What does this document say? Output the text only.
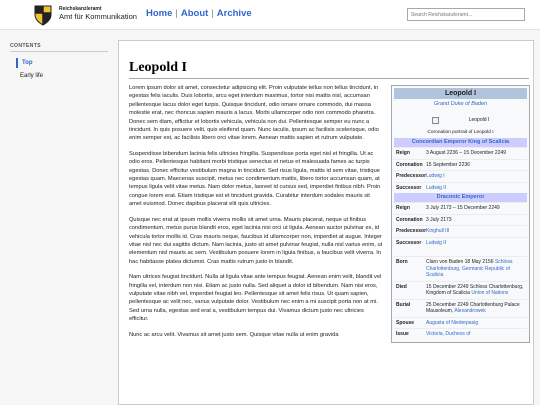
Reichskanzleramt
Amt für Kommunikation Home | About | Archive
Search Reichskanzleramt...
CONTENTS
Top
Early life
Leopold I

Lorem ipsum dolor sit amet, consectetur adipiscing elit. Proin vulputate tellus non tellus tincidunt, in egestas felis iaculis. Duis lobortis, arcu eget interdum maximus, tortor nisi mattis nisl, accumsan pellentesque lacus dolor eget turpis. Quisque tincidunt, odio omare ornare commodo, dui massa molestie erat, nec rhoncus sapien mauris a lacus. Morbi ullamcorper odio non commodo pharetra. Donec sem diam, efficitur et lobortis vehicula, vehicula non dui. Pellentesque semper eu nunc a tincidunt. In quis posuere velit, quis eleifend quam. Nunc iaculis, ipsum ac facilisis scelerisque, odio enim semper est, ac facilisis libero orci vitae lorem. Aenean mattis sapien et rutrum vulputate.

Suspendisse bibendum lacinia felis ultricies fringilla. Suspendisse porta eget nisl et fringilla. Ut ac odio eros. Pellentesque habitant morbi tristique senectus et netus et malesuada fames ac turpis egestas. Donec efficitur vestibulum magna in tincidunt. Sed risus ligula, mattis id sem vitae, tristique egestas quam. Maecenas suscipit, metus nec condimentum mattis, libero tortor accumsan quam, at tempus ligula velit vitae metus. Nam dolor metus, laoreet id cursus sed, imperdiet finibus nibh. Proin congue lorem erat. Etiam tristique est et tincidunt gravida. Curabitur interdum sodales mauris sit amet euismod. Donec dapibus placerat elit quis ultricies.

Quisque nec erat at ipsum mollis viverra mollis sit amet urna. Mauris placerat, neque ut finibus condimentum, metus purus blandit eros, eget lacinia nisi orci ut ligula. Aenean auctor pulvinar ex, id vehicula tortor mollis id. Cras mauris neque, faucibus id ullamcorper non, imperdiet at augue. Integer vitae nisl nec dui sagittis dictum. Nam lacinia, justo sit amet pulvinar feugiat, nulla nisl varius enim, ut elementum nisl mauris ac sem. Vestibulum posuere lorem in ligula finibus, a faucibus velit viverra. In hac habitasse platea dictumst. Cras mattis rutrum justo in blandit.

Nam ultrices feugiat tincidunt. Nulla at ligula vitae ante tempus feugiat. Aenean enim velit, blandit vel fringilla vel, interdum non nisi. Etiam ac justo nulla. Sed aliquet a dolor id bibendum. Nam nisi eros, vulputate vitae nibh vel, imperdiet feugiat leo. Pellentesque sit amet felis risus. Ut quam sapien, pellentesque ac velit nec, varius vulputate dolor. Vestibulum nec enim a mi suscipit porta non at mi. Sed urna nulla, egestas sed erat a, vestibulum tempus dui. Vivamus dictum justo nec ultricies efficitur.

Nunc ac arcu velit. Vivamus sit amet justo sem. Quisque vitae nulla ut enim gravida

Leopold I
Grand Duke of Baden
Leopold I
Coronation portrait of Leopold I
Concordian Emperor King of Scalicia
Reign	3 August 2236 – 15 December 2249
Coronation 15 September 2236
Predecessor Ludwig I
Successor Ludwig II
Draconic Emperor
Reign	3 July 2173 – 15 December 2249
Coronation 3 July 2173
Predecessor Kinghull III
Successor Ludwig II
Born	Claro von Baden 18 May 2156 Schloss Charlottenburg, Germanic Republic of Scalicia
Died	15 December 2249 Schloss Charlottenburg, Kingdom of Scalicia Union of Nations
Burial	25 December 2249 Charlottenburg Palace Mausoleum, Alexandrowek
Spouse	Augusta of Niederpasig
Issue	Victoria, Duchess of
